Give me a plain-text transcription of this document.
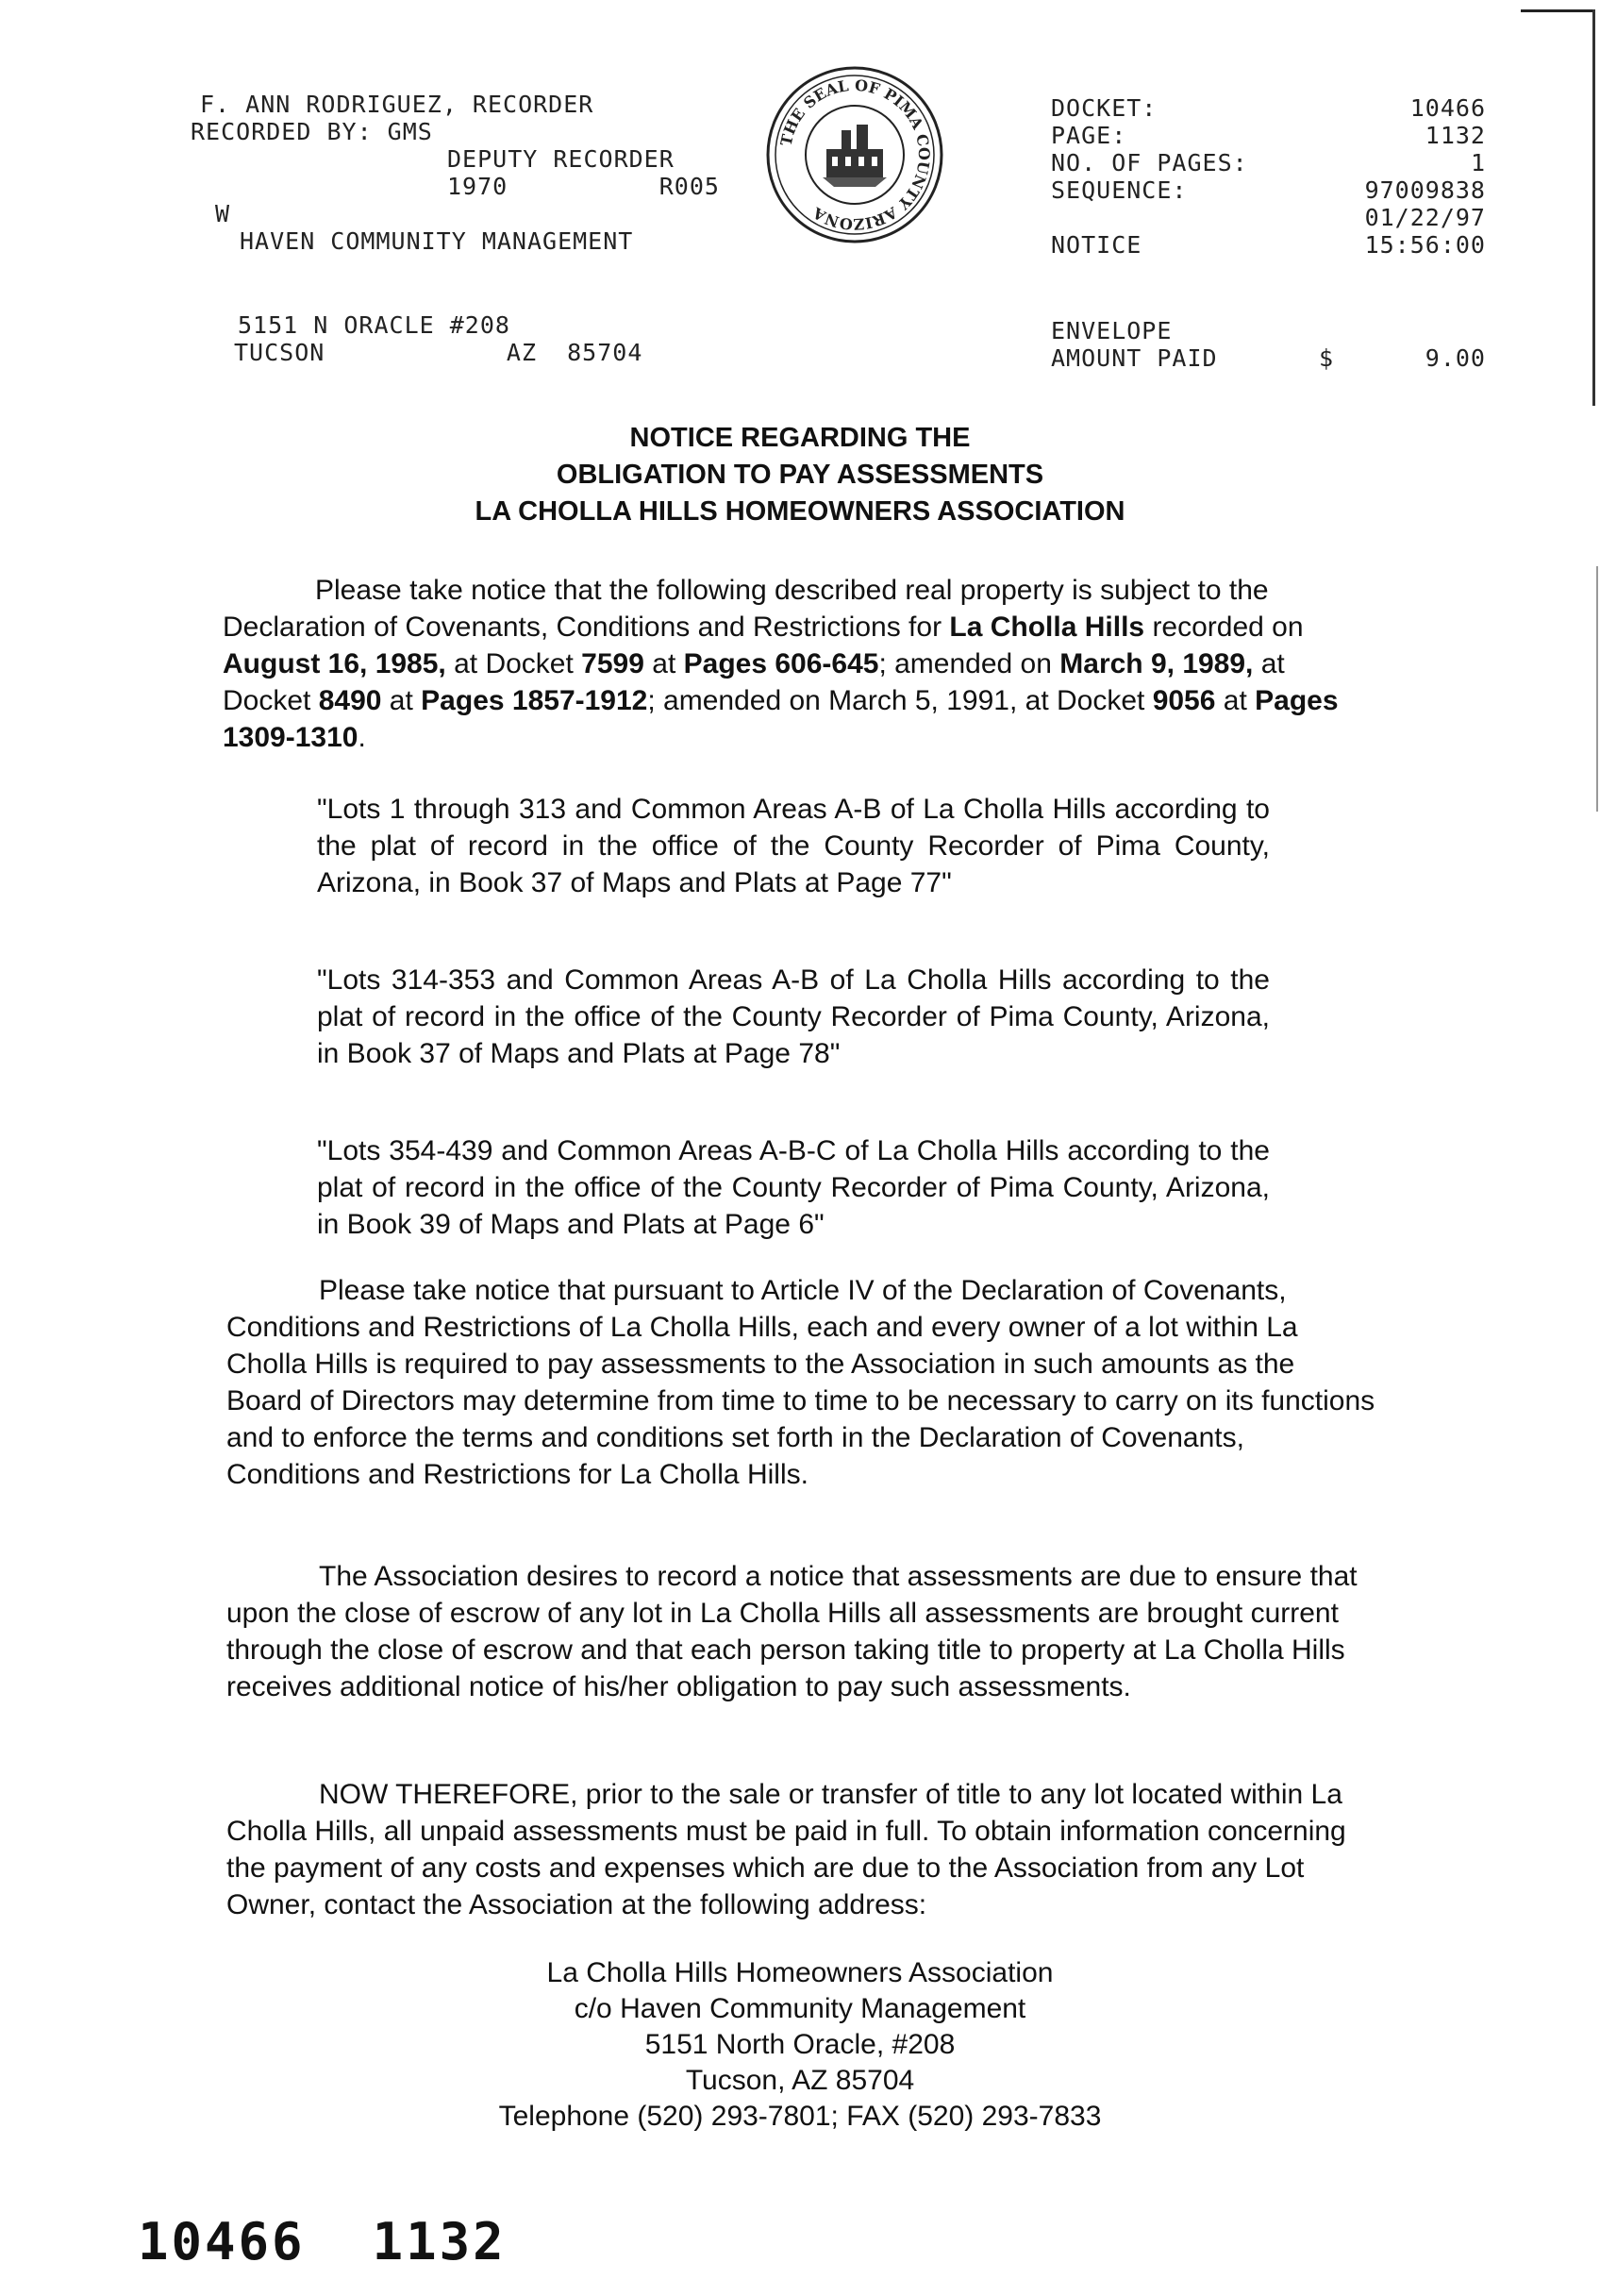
F. ANN RODRIGUEZ, RECORDER
RECORDED BY: GMS
DEPUTY RECORDER
1970          R005
W
HAVEN COMMUNITY MANAGEMENT
5151 N ORACLE #208
TUCSON            AZ  85704
THE SEAL OF PIMA COUNTY ARIZONA
DOCKET:
PAGE:
NO. OF PAGES:
SEQUENCE:

NOTICE
10466
1132
1
97009838
01/22/97
15:56:00
ENVELOPE
AMOUNT PAID	$	9.00
NOTICE REGARDING THE
OBLIGATION TO PAY ASSESSMENTS
LA CHOLLA HILLS HOMEOWNERS ASSOCIATION
Please take notice that the following described real property is subject to the Declaration of Covenants, Conditions and Restrictions for La Cholla Hills recorded on August 16, 1985, at Docket 7599 at Pages 606-645; amended on March 9, 1989, at Docket 8490 at Pages 1857-1912; amended on March 5, 1991, at Docket 9056 at Pages 1309-1310.
"Lots 1 through 313 and Common Areas A-B of La Cholla Hills according to the plat of record in the office of the County Recorder of Pima County, Arizona, in Book 37 of Maps and Plats at Page 77"
"Lots 314-353 and Common Areas A-B of La Cholla Hills according to the plat of record in the office of the County Recorder of Pima County, Arizona, in Book 37 of Maps and Plats at Page 78"
"Lots 354-439 and Common Areas A-B-C of La Cholla Hills according to the plat of record in the office of the County Recorder of Pima County, Arizona, in Book 39 of Maps and Plats at Page 6"
Please take notice that pursuant to Article IV of the Declaration of Covenants, Conditions and Restrictions of La Cholla Hills, each and every owner of a lot within La Cholla Hills is required to pay assessments to the Association in such amounts as the Board of Directors may determine from time to time to be necessary to carry on its functions and to enforce the terms and conditions set forth in the Declaration of Covenants, Conditions and Restrictions for La Cholla Hills.
The Association desires to record a notice that assessments are due to ensure that upon the close of escrow of any lot in La Cholla Hills all assessments are brought current through the close of escrow and that each person taking title to property at La Cholla Hills receives additional notice of his/her obligation to pay such assessments.
NOW THEREFORE, prior to the sale or transfer of title to any lot located within La Cholla Hills, all unpaid assessments must be paid in full. To obtain information concerning the payment of any costs and expenses which are due to the Association from any Lot Owner, contact the Association at the following address:
La Cholla Hills Homeowners Association
c/o Haven Community Management
5151 North Oracle, #208
Tucson, AZ 85704
Telephone (520) 293-7801; FAX (520) 293-7833
10466 1132
